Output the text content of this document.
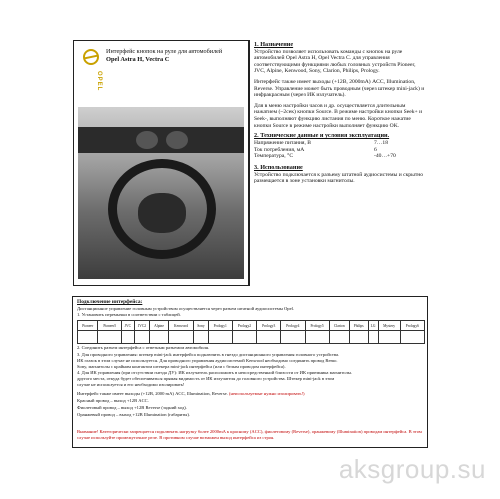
OPEL
Интерфейс кнопок на руле для автомобилей
Opel Astra H, Vectra C
1. Назначение

Устройство позволяет использовать команды с кнопок на руле автомобилей Opel Astra H, Opel Vectra C. для управления соответствующими функциями любых головных устройств Pioneer, JVC, Alpine, Kenwood, Sony, Clarion, Philips, Prology.

Интерфейс также имеет выходы (+12В, 2000mA) ACC, Illumination, Reverse. Управление может быть проводным (через штекер mini-jack) и инфракрасным (через ИК излучатель).

Для в меню настройки часов и др. осуществляется длительным нажатием (~2сек) кнопки Source. В режиме настройки кнопки Seek+ и Seek-, выполняют функцию листания по меню. Короткое нажатие кнопки Source в режиме настройки выполняет функцию OK.

2. Технические данные и условия эксплуатации.
Напряжение питания, В	7…18
Ток потребления, мА	6
Температура, °С	-40…+70
3. Использование

Устройство подключается к разъему штатной аудиосистемы и скрытно размещается в зоне установки магнитолы.

Подключение интерфейса:
Дистанционное управление головным устройством осуществляется через разъем штатной аудиосистемы Opel.
1. Установить перемычки в соответствии с таблицей.
Pioneer	Pioneer5	JVC	JVC2	Alpine	Kenwood	Sony	Prology1	Prology2	Prology3	Prology4	Prology5	Clarion	Philips	LG	Mystery	Prology6

2. Соединить разъем интерфейса с ответным разъемом автомобиля.
3. Для проводного управления: штекер mini-jack интерфейса подключить в гнездо дистанционного управления головного устройства.
ИК глазок в этом случае не используется. Для проводного управления аудиосистемой Kenwood необходимо соединить провод Remo.
Sony, магнитолы с крайним контактом штекера mini-jack интерфейса (или с белым проводом интерфейса).
4. Для ИК управления (при отсутствии гнезда ДУ): ИК излучатель расположить в непосредственной близости от ИК приемника магнитолы.
другого места, откуда будет обеспечиваться прямая видимость от ИК излучателя до головного устройства. Штекер mini-jack в этом
случае не используется и его необходимо изолировать!
Интерфейс также имеет выходы (+12В, 2000 mA) ACC, Illumination, Reverse. (неиспользуемые нужно изолировать!)
Красный провод – выход +12В ACC.
Фиолетовый провод – выход +12В Reverse (задний ход).
Оранжевый провод – выход +12В Illumination (габариты).
Внимание! Категорически запрещается подключать нагрузку более 2000mA к красному (ACC), фиолетовому (Reverse), оранжевому (Illumination) проводам интерфейса. В этом случае используйте промежуточное реле. В противном случае возможен выход интерфейса из строя.
aksgroup.su
